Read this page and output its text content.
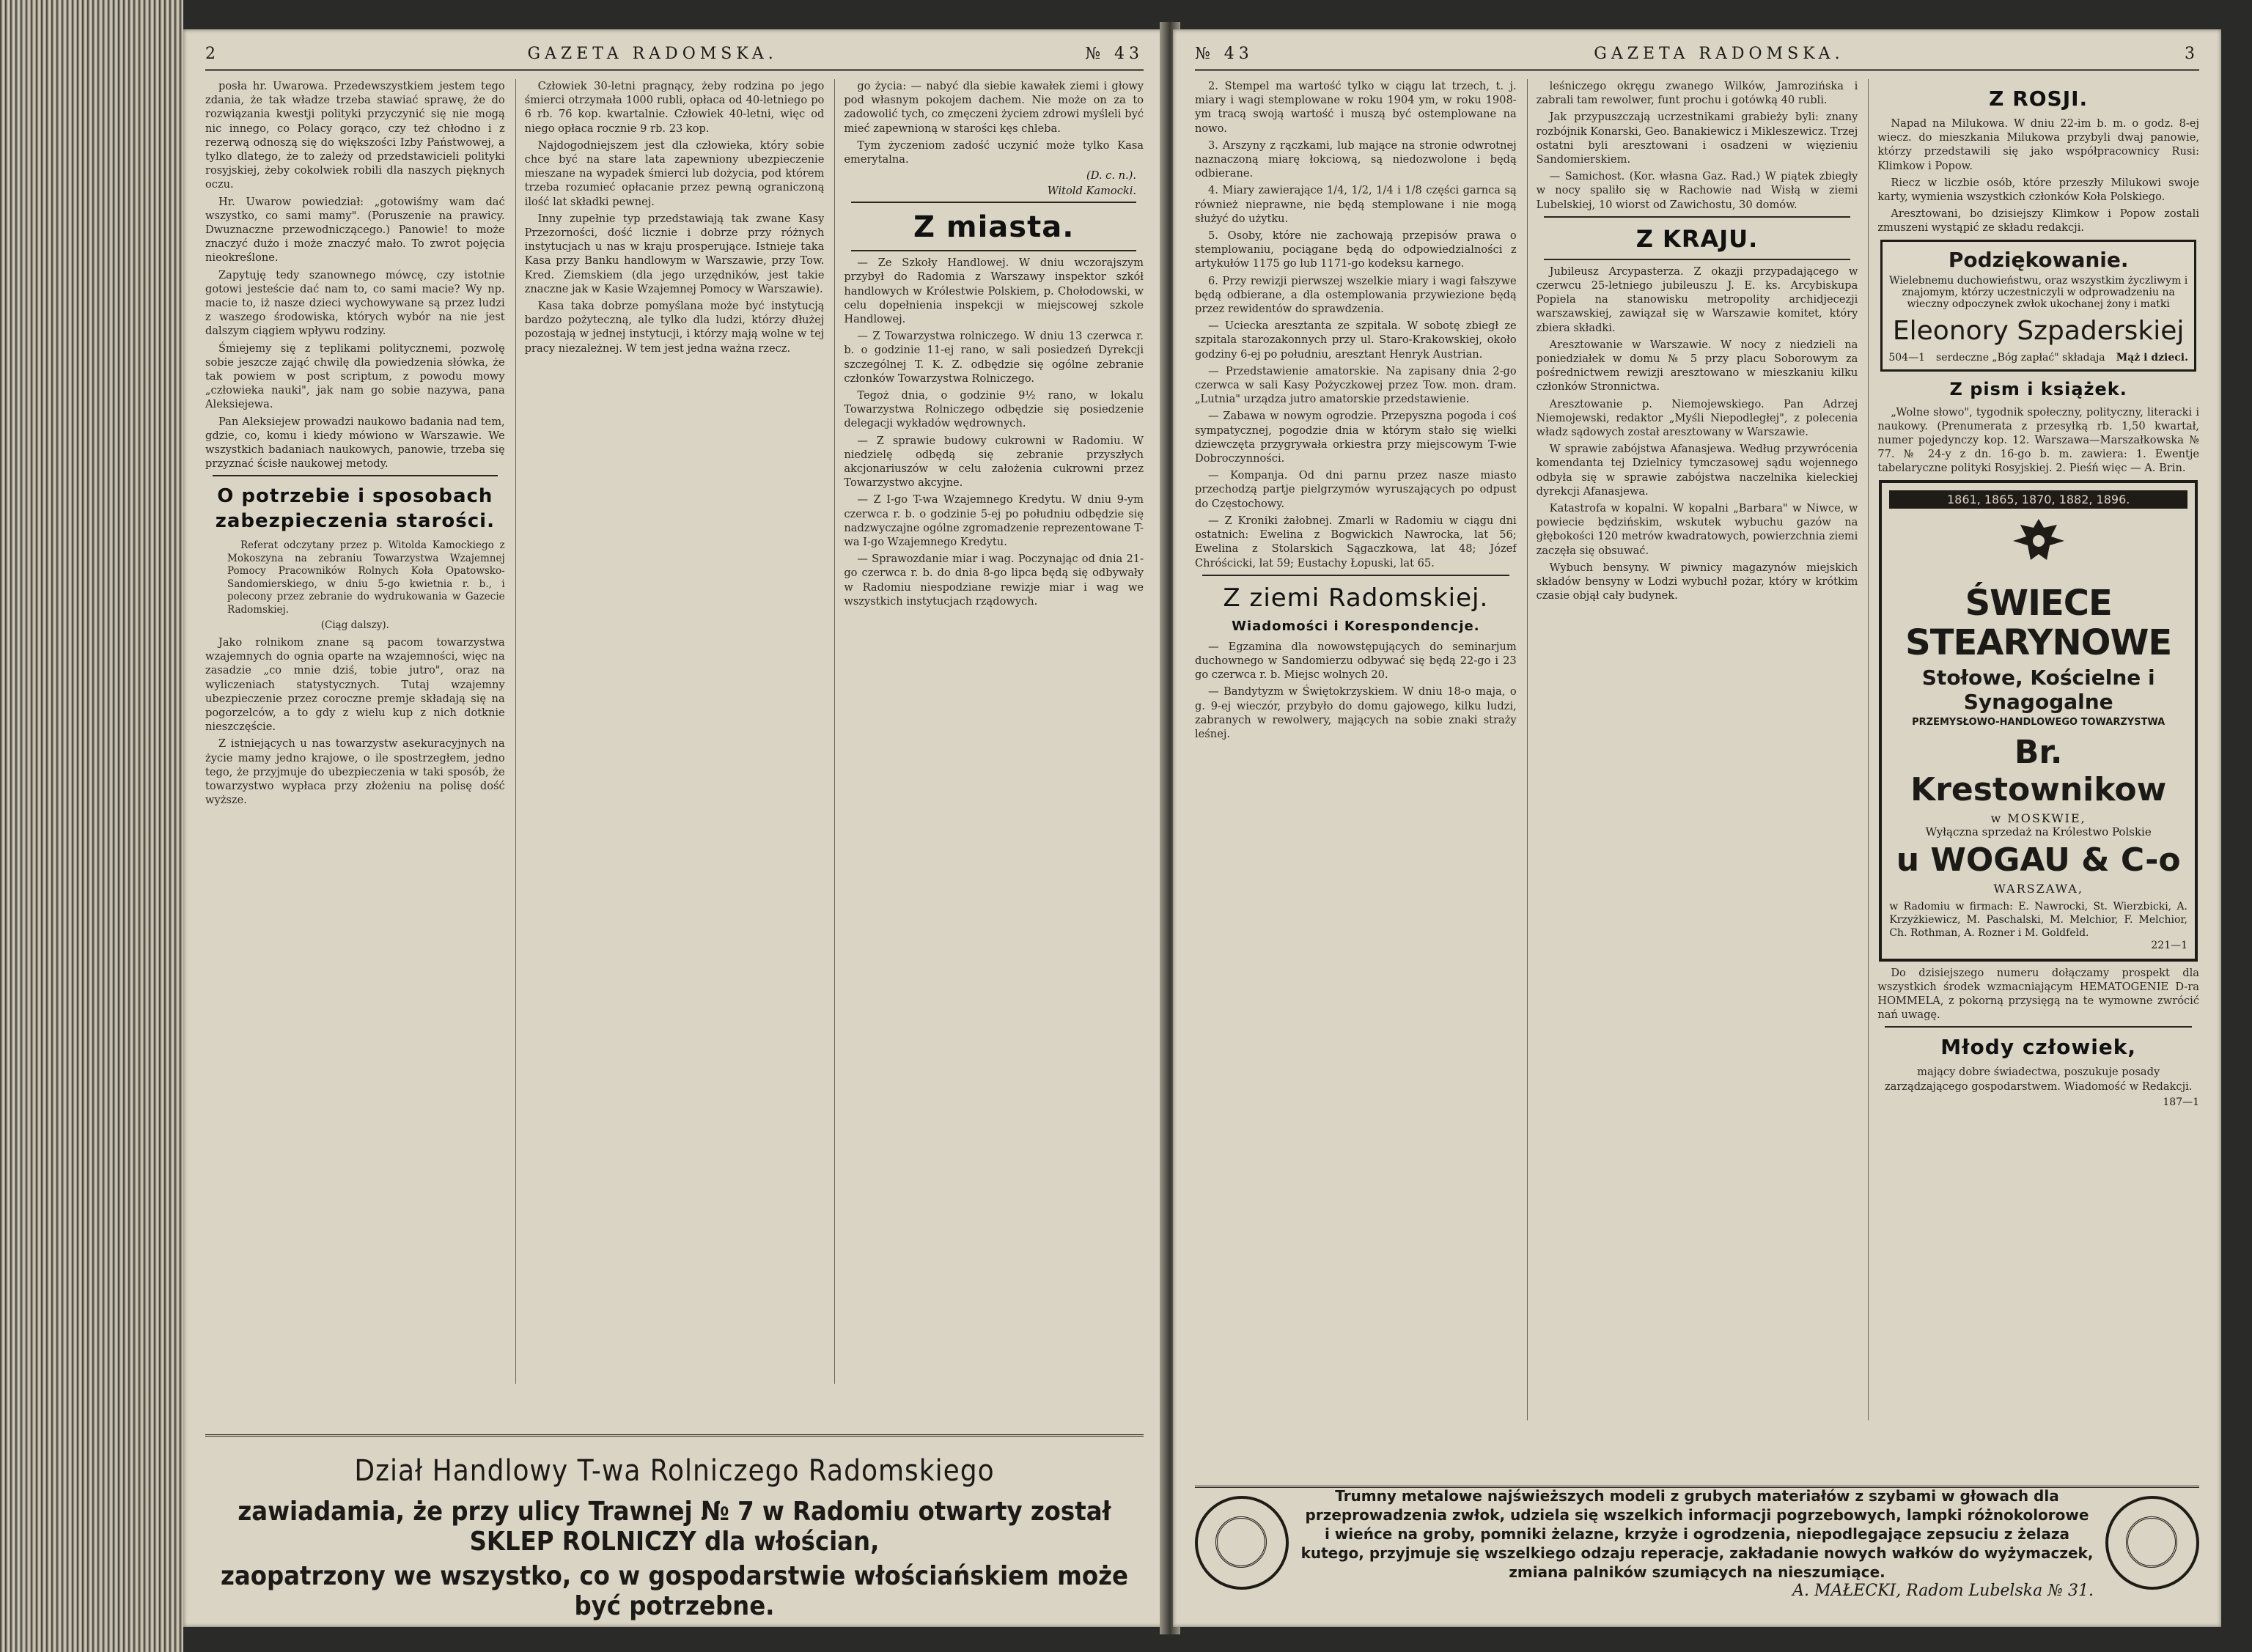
2	GAZETA RADOMSKA.	№ 43

posła hr. Uwarowa. Przedewszystkiem jestem tego zdania, że tak władze trzeba stawiać sprawę, że do rozwiązania kwestji polityki przyczynić się nie mogą nic innego, co Polacy gorąco, czy też chłodno i z rezerwą odnoszą się do większości Izby Państwowej, a tylko dlatego, że to zależy od przedstawicieli polityki rosyjskiej, żeby cokolwiek robili dla naszych pięknych oczu.

Hr. Uwarow powiedział: „gotowiśmy wam dać wszystko, co sami mamy". (Poruszenie na prawicy. Dwuznaczne przewodniczącego.) Panowie! to może znaczyć dużo i może znaczyć mało. To zwrot pojęcia nieokreślone.

Zapytuję tedy szanownego mówcę, czy istotnie gotowi jesteście dać nam to, co sami macie? Wy np. macie to, iż nasze dzieci wychowywane są przez ludzi z waszego środowiska, których wybór na nie jest dalszym ciągiem wpływu rodziny.

Śmiejemy się z teplikami politycznemi, pozwolę sobie jeszcze zająć chwilę dla powiedzenia słówka, że tak powiem w post scriptum, z powodu mowy „człowieka nauki", jak nam go sobie nazywa, pana Aleksiejewa.

Pan Aleksiejew prowadzi naukowo badania nad tem, gdzie, co, komu i kiedy mówiono w Warszawie. We wszystkich badaniach naukowych, panowie, trzeba się przyznać ścisłe naukowej metody.

O potrzebie i sposobach zabezpieczenia starości.

Referat odczytany przez p. Witolda Kamockiego z Mokoszyna na zebraniu Towarzystwa Wzajemnej Pomocy Pracowników Rolnych Koła Opatowsko-Sandomierskiego, w dniu 5-go kwietnia r. b., i polecony przez zebranie do wydrukowania w Gazecie Radomskiej.

(Ciąg dalszy).

Jako rolnikom znane są pacom towarzystwa wzajemnych do ognia oparte na wzajemności, więc na zasadzie „co mnie dziś, tobie jutro", oraz na wyliczeniach statystycznych. Tutaj wzajemny ubezpieczenie przez coroczne premje składają się na pogorzelców, a to gdy z wielu kup z nich dotknie nieszczęście.

Z istniejących u nas towarzystw asekuracyjnych na życie mamy jedno krajowe, o ile spostrzegłem, jedno tego, że przyjmuje do ubezpieczenia w taki sposób, że towarzystwo wypłaca przy złożeniu na polisę dość wyższe.

Człowiek 30-letni pragnący, żeby rodzina po jego śmierci otrzymała 1000 rubli, opłaca od 40-letniego po 6 rb. 76 kop. kwartalnie. Człowiek 40-letni, więc od niego opłaca rocznie 9 rb. 23 kop.

Najdogodniejszem jest dla człowieka, który sobie chce być na stare lata zapewniony ubezpieczenie mieszane na wypadek śmierci lub dożycia, pod którem trzeba rozumieć opłacanie przez pewną ograniczoną ilość lat składki pewnej.

Inny zupełnie typ przedstawiają tak zwane Kasy Przezorności, dość licznie i dobrze przy różnych instytucjach u nas w kraju prosperujące. Istnieje taka Kasa przy Banku handlowym w Warszawie, przy Tow. Kred. Ziemskiem (dla jego urzędników, jest takie znaczne jak w Kasie Wzajemnej Pomocy w Warszawie).

Kasa taka dobrze pomyślana może być instytucją bardzo pożyteczną, ale tylko dla ludzi, którzy dłużej pozostają w jednej instytucji, i którzy mają wolne w tej pracy niezależnej. W tem jest jedna ważna rzecz.

go życia: — nabyć dla siebie kawałek ziemi i głowy pod własnym pokojem dachem. Nie może on za to zadowolić tych, co zmęczeni życiem zdrowi myśleli być mieć zapewnioną w starości kęs chleba.

Tym życzeniom zadość uczynić może tylko Kasa emerytalna.

(D. c. n.).
Witold Kamocki.
Z miasta.

— Ze Szkoły Handlowej. W dniu wczorajszym przybył do Radomia z Warszawy inspektor szkół handlowych w Królestwie Polskiem, p. Chołodowski, w celu dopełnienia inspekcji w miejscowej szkole Handlowej.

— Z Towarzystwa rolniczego. W dniu 13 czerwca r. b. o godzinie 11-ej rano, w sali posiedzeń Dyrekcji szczególnej T. K. Z. odbędzie się ogólne zebranie członków Towarzystwa Rolniczego.

Tegoż dnia, o godzinie 9½ rano, w lokalu Towarzystwa Rolniczego odbędzie się posiedzenie delegacji wykładów wędrownych.

— Z sprawie budowy cukrowni w Radomiu. W niedzielę odbędą się zebranie przyszłych akcjonariuszów w celu założenia cukrowni przez Towarzystwo akcyjne.

— Z I-go T-wa Wzajemnego Kredytu. W dniu 9-ym czerwca r. b. o godzinie 5-ej po południu odbędzie się nadzwyczajne ogólne zgromadzenie reprezentowane T-wa I-go Wzajemnego Kredytu.

— Sprawozdanie miar i wag. Poczynając od dnia 21-go czerwca r. b. do dnia 8-go lipca będą się odbywały w Radomiu niespodziane rewizje miar i wag we wszystkich instytucjach rządowych.

Dział Handlowy T-wa Rolniczego Radomskiego
zawiadamia, że przy ulicy Trawnej № 7 w Radomiu otwarty został SKLEP ROLNICZY dla włościan,
zaopatrzony we wszystko, co w gospodarstwie włościańskiem może być potrzebne.
№ 43	GAZETA RADOMSKA.	3

2. Stempel ma wartość tylko w ciągu lat trzech, t. j. miary i wagi stemplowane w roku 1904 ym, w roku 1908-ym tracą swoją wartość i muszą być ostemplowane na nowo.

3. Arszyny z rączkami, lub mające na stronie odwrotnej naznaczoną miarę łokciową, są niedozwolone i będą odbierane.

4. Miary zawierające 1/4, 1/2, 1/4 i 1/8 części garnca są również nieprawne, nie będą stemplowane i nie mogą służyć do użytku.

5. Osoby, które nie zachowają przepisów prawa o stemplowaniu, pociągane będą do odpowiedzialności z artykułów 1175 go lub 1171-go kodeksu karnego.

6. Przy rewizji pierwszej wszelkie miary i wagi fałszywe będą odbierane, a dla ostemplowania przywiezione będą przez rewidentów do sprawdzenia.

— Uciecka aresztanta ze szpitala. W sobotę zbiegł ze szpitala starozakonnych przy ul. Staro-Krakowskiej, około godziny 6-ej po południu, aresztant Henryk Austrian.

— Przedstawienie amatorskie. Na zapisany dnia 2-go czerwca w sali Kasy Pożyczkowej przez Tow. mon. dram. „Lutnia" urządza jutro amatorskie przedstawienie.

— Zabawa w nowym ogrodzie. Przepyszna pogoda i coś sympatycznej, pogodzie dnia w którym stało się wielki dziewczęta przygrywała orkiestra przy miejscowym T-wie Dobroczynności.

— Kompanja. Od dni parnu przez nasze miasto przechodzą partje pielgrzymów wyruszających po odpust do Częstochowy.

— Z Kroniki żałobnej. Zmarli w Radomiu w ciągu dni ostatnich: Ewelina z Bogwickich Nawrocka, lat 56; Ewelina z Stolarskich Sągaczkowa, lat 48; Józef Chróścicki, lat 59; Eustachy Łopuski, lat 65.

Z ziemi Radomskiej.
Wiadomości i Korespondencje.

— Egzamina dla nowowstępujących do seminarjum duchownego w Sandomierzu odbywać się będą 22-go i 23 go czerwca r. b. Miejsc wolnych 20.

— Bandytyzm w Świętokrzyskiem. W dniu 18-o maja, o g. 9-ej wieczór, przybyło do domu gajowego, kilku ludzi, zabranych w rewolwery, mających na sobie znaki straży leśnej.

leśniczego okręgu zwanego Wilków, Jamrozińska i zabrali tam rewolwer, funt prochu i gotówką 40 rubli.

Jak przypuszczają ucrzestnikami grabieży byli: znany rozbójnik Konarski, Geo. Banakiewicz i Mikleszewicz. Trzej ostatni byli aresztowani i osadzeni w więzieniu Sandomierskiem.

— Samichost. (Kor. własna Gaz. Rad.) W piątek zbiegły w nocy spaliło się w Rachowie nad Wisłą w ziemi Lubelskiej, 10 wiorst od Zawichostu, 30 domów.

Z KRAJU.

Jubileusz Arcypasterza. Z okazji przypadającego w czerwcu 25-letniego jubileuszu J. E. ks. Arcybiskupa Popiela na stanowisku metropolity archidjecezji warszawskiej, zawiązał się w Warszawie komitet, który zbiera składki.

Aresztowanie w Warszawie. W nocy z niedzieli na poniedziałek w domu № 5 przy placu Soborowym za pośrednictwem rewizji aresztowano w mieszkaniu kilku członków Stronnictwa.

Aresztowanie p. Niemojewskiego. Pan Adrzej Niemojewski, redaktor „Myśli Niepodległej", z polecenia władz sądowych został aresztowany w Warszawie.

W sprawie zabójstwa Afanasjewa. Według przywrócenia komendanta tej Dzielnicy tymczasowej sądu wojennego odbyła się w sprawie zabójstwa naczelnika kieleckiej dyrekcji Afanasjewa.

Katastrofa w kopalni. W kopalni „Barbara" w Niwce, w powiecie będzińskim, wskutek wybuchu gazów na głębokości 120 metrów kwadratowych, powierzchnia ziemi zaczęła się obsuwać.

Wybuch bensyny. W piwnicy magazynów miejskich składów bensyny w Lodzi wybuchł pożar, który w krótkim czasie objął cały budynek.

Z ROSJI.

Napad na Milukowa. W dniu 22-im b. m. o godz. 8-ej wiecz. do mieszkania Milukowa przybyli dwaj panowie, którzy przedstawili się jako współpracownicy Rusi: Klimkow i Popow.

Riecz w liczbie osób, które przeszły Milukowi swoje karty, wymienia wszystkich członków Koła Polskiego.

Aresztowani, bo dzisiejszy Klimkow i Popow zostali zmuszeni wystąpić ze składu redakcji.

Podziękowanie.
Wielebnemu duchowieństwu, oraz wszystkim życzliwym i znajomym, którzy uczestniczyli w odprowadzeniu na wieczny odpoczynek zwłok ukochanej żony i matki
Eleonory Szpaderskiej
504—1 serdeczne „Bóg zapłać" składaja Mąż i dzieci.
Z pism i książek.

„Wolne słowo", tygodnik społeczny, polityczny, literacki i naukowy. (Prenumerata z przesyłką rb. 1,50 kwartał, numer pojedynczy kop. 12. Warszawa—Marszałkowska № 77. № 24-y z dn. 16-go b. m. zawiera: 1. Ewentje tabelaryczne polityki Rosyjskiej. 2. Pieśń więc — A. Brin.

1861, 1865, 1870, 1882, 1896.
ŚWIECE STEARYNOWE
Stołowe, Kościelne i Synagogalne
PRZEMYSŁOWO-HANDLOWEGO TOWARZYSTWA
Br. Krestownikow
w MOSKWIE,
Wyłączna sprzedaż na Królestwo Polskie
u WOGAU & C-o
WARSZAWA,
w Radomiu w firmach: E. Nawrocki, St. Wierzbicki, A. Krzyżkiewicz, M. Paschalski, M. Melchior, F. Melchior, Ch. Rothman, A. Rozner i M. Goldfeld.
221—1

Do dzisiejszego numeru dołączamy prospekt dla wszystkich środek wzmacniającym HEMATOGENIE D-ra HOMMELA, z pokorną przysięgą na te wymowne zwrócić nań uwagę.

Młody człowiek,

mający dobre świadectwa, poszukuje posady zarządzającego gospodarstwem. Wiadomość w Redakcji.

187—1
Trumny metalowe najświeższych modeli z grubych materiałów z szybami w głowach dla przeprowadzenia zwłok, udziela się wszelkich informacji pogrzebowych, lampki różnokolorowe i wieńce na groby, pomniki żelazne, krzyże i ogrodzenia, niepodlegające zepsuciu z żelaza kutego, przyjmuje się wszelkiego odzaju reperacje, zakładanie nowych wałków do wyżymaczek, zmiana palników szumiących na nieszumiące.
A. MAŁECKI, Radom Lubelska № 31.
